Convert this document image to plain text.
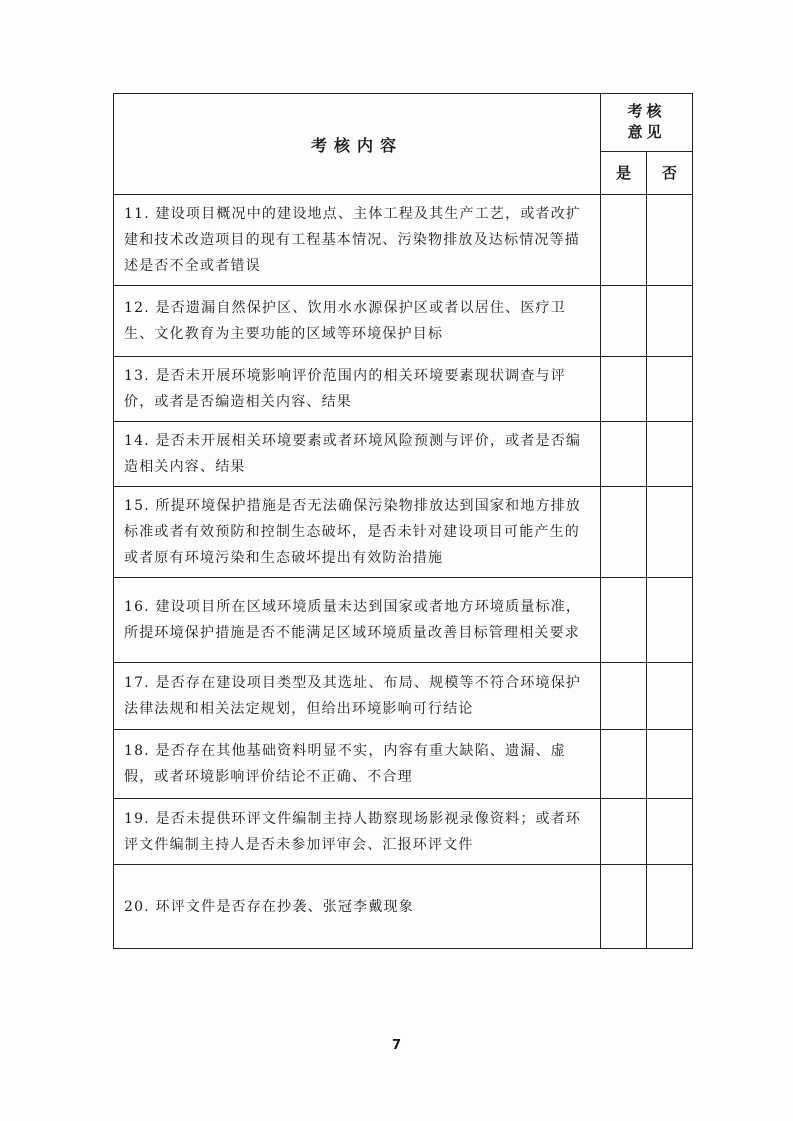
考核内容	考核
意见	

	是	否
11. 建设项目概况中的建设地点、主体工程及其生产工艺，或者改扩建和技术改造项目的现有工程基本情况、污染物排放及达标情况等描述是否不全或者错误		
12. 是否遗漏自然保护区、饮用水水源保护区或者以居住、医疗卫生、文化教育为主要功能的区域等环境保护目标		
13. 是否未开展环境影响评价范围内的相关环境要素现状调查与评价，或者是否编造相关内容、结果		
14. 是否未开展相关环境要素或者环境风险预测与评价，或者是否编造相关内容、结果		
15. 所提环境保护措施是否无法确保污染物排放达到国家和地方排放标准或者有效预防和控制生态破坏，是否未针对建设项目可能产生的或者原有环境污染和生态破坏提出有效防治措施		
16. 建设项目所在区域环境质量未达到国家或者地方环境质量标准，所提环境保护措施是否不能满足区域环境质量改善目标管理相关要求		
17. 是否存在建设项目类型及其选址、布局、规模等不符合环境保护法律法规和相关法定规划，但给出环境影响可行结论		
18. 是否存在其他基础资料明显不实，内容有重大缺陷、遗漏、虚假，或者环境影响评价结论不正确、不合理		
19. 是否未提供环评文件编制主持人勘察现场影视录像资料；或者环评文件编制主持人是否未参加评审会、汇报环评文件		
20. 环评文件是否存在抄袭、张冠李戴现象		
7
